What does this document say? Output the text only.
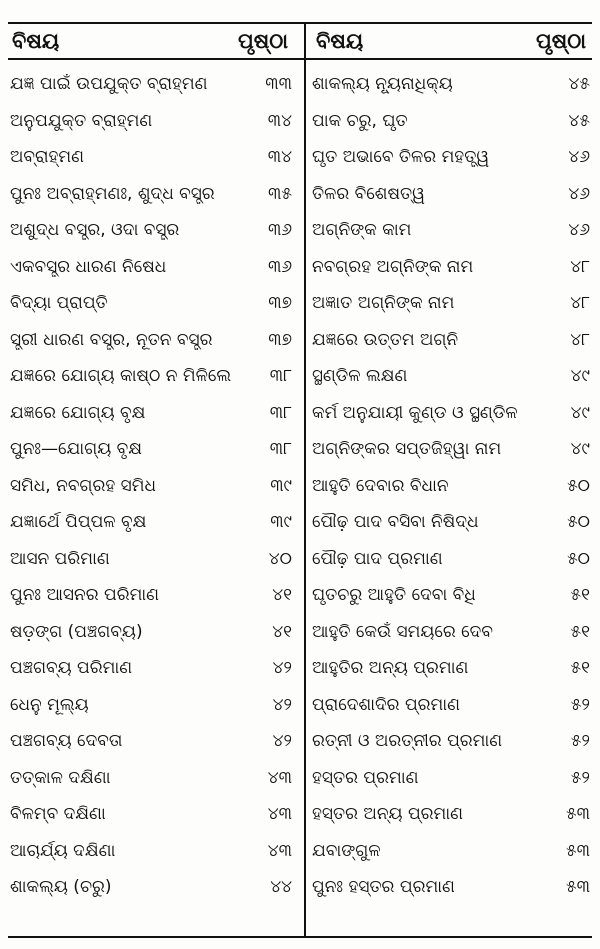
ବିଷୟ	ପୃଷ୍ଠା ବିଷୟ	ପୃଷ୍ଠା
ଯଜ୍ଞ ପାଇଁ ଉପଯୁକ୍ତ ବ୍ରାହ୍ମଣ	୩୩
ଅନୁପଯୁକ୍ତ ବ୍ରାହ୍ମଣ	୩୪
ଅବ୍ରାହ୍ମଣ	୩୪
ପୁନଃ ଅବ୍ରାହ୍ମଣଃ, ଶୁଦ୍ଧ ବସ୍ତ୍ର	୩୫
ଅଶୁଦ୍ଧ ବସ୍ତ୍ର, ଓଦା ବସ୍ତ୍ର	୩୬
ଏକବସ୍ତ୍ର ଧାରଣ ନିଷେଧ	୩୬
ବିଦ୍ୟା ପ୍ରାପ୍ତି	୩୭
ସ୍ତ୍ରୀ ଧାରଣ ବସ୍ତ୍ର, ନୂତନ ବସ୍ତ୍ର	୩୭
ଯଜ୍ଞରେ ଯୋଗ୍ୟ କାଷ୍ଠ ନ ମିଳିଲେ	୩୮
ଯଜ୍ଞରେ ଯୋଗ୍ୟ ବୃକ୍ଷ	୩୮
ପୁନଃ—ଯୋଗ୍ୟ ବୃକ୍ଷ	୩୮
ସମିଧ, ନବଗ୍ରହ ସମିଧ	୩୯
ଯଜ୍ଞାର୍ଥେ ପିପ୍ପଳ ବୃକ୍ଷ	୩୯
ଆସନ ପରିମାଣ	୪୦
ପୁନଃ ଆସନର ପରିମାଣ	୪୧
ଷଡ଼ଙ୍ଗ (ପଞ୍ଚଗବ୍ୟ)	୪୧
ପଞ୍ଚଗବ୍ୟ ପରିମାଣ	୪୨
ଧେନୁ ମୂଲ୍ୟ	୪୨
ପଞ୍ଚଗବ୍ୟ ଦେବତା	୪୨
ତତ୍କାଳ ଦକ୍ଷିଣା	୪୩
ବିଳମ୍ବ ଦକ୍ଷିଣା	୪୩
ଆଚାର୍ଯ୍ୟ ଦକ୍ଷିଣା	୪୩
ଶାକଲ୍ୟ (ଚରୁ)	୪୪
ଶାକଲ୍ୟ ନ୍ୟୂନାଧିକ୍ୟ	୪୫
ପାକ ଚରୁ, ଘୃତ	୪୫
ଘୃତ ଅଭାବେ ତିଳର ମହତ୍ତ୍ୱ	୪୬
ତିଳର ବିଶେଷତ୍ୱ	୪୬
ଅଗ୍ନିଙ୍କ କାମ	୪୬
ନବଗ୍ରହ ଅଗ୍ନିଙ୍କ ନାମ	୪୮
ଅଜ୍ଞାତ ଅଗ୍ନିଙ୍କ ନାମ	୪୮
ଯଜ୍ଞରେ ଉତ୍ତମ ଅଗ୍ନି	୪୮
ସ୍ଥଣ୍ଡିଳ ଲକ୍ଷଣ	୪୯
କର୍ମ ଅନୁଯାୟୀ କୁଣ୍ଡ ଓ ସ୍ଥଣ୍ଡିଳ	୪୯
ଅଗ୍ନିଙ୍କର ସପ୍ତଜିହ୍ୱା ନାମ	୪୯
ଆହୁତି ଦେବାର ବିଧାନ	୫୦
ପୌଢ଼ ପାଦ ବସିବା ନିଷିଦ୍ଧ	୫୦
ପୌଢ଼ ପାଦ ପ୍ରମାଣ	୫୦
ଘୃତଚରୁ ଆହୁତି ଦେବା ବିଧି	୫୧
ଆହୁତି କେଉଁ ସମୟରେ ଦେବ	୫୧
ଆହୁତିର ଅନ୍ୟ ପ୍ରମାଣ	୫୧
ପ୍ରାଦେଶାଦିର ପ୍ରମାଣ	୫୨
ରତ୍ନୀ ଓ ଅରତ୍ନୀର ପ୍ରମାଣ	୫୨
ହସ୍ତର ପ୍ରମାଣ	୫୨
ହସ୍ତର ଅନ୍ୟ ପ୍ରମାଣ	୫୩
ଯବାଙ୍ଗୁଳ	୫୩
ପୁନଃ ହସ୍ତର ପ୍ରମାଣ	୫୩
